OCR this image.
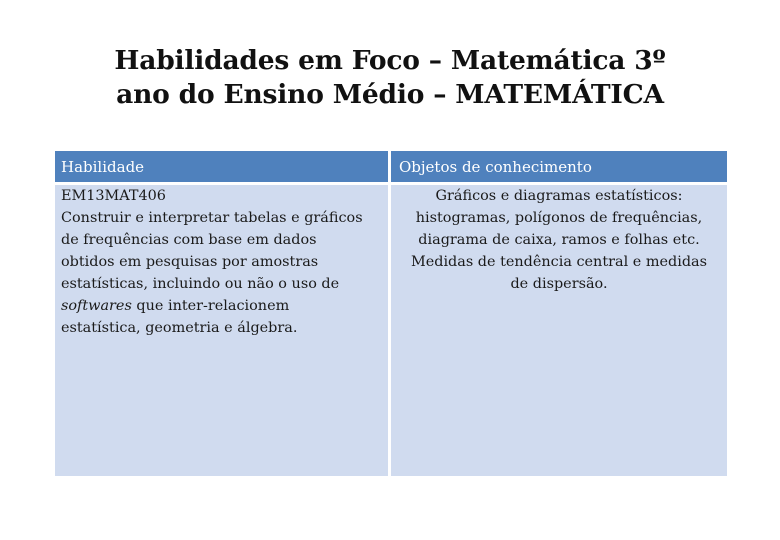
Habilidades em Foco – Matemática 3º
ano do Ensino Médio – MATEMÁTICA
Habilidade	Objetos de conhecimento
EM13MAT406
Construir e interpretar tabelas e gráficos
de frequências com base em dados
obtidos em pesquisas por amostras
estatísticas, incluindo ou não o uso de
softwares que inter-relacionem
estatística, geometria e álgebra.
Gráficos e diagramas estatísticos:
histogramas, polígonos de frequências,
diagrama de caixa, ramos e folhas etc.
Medidas de tendência central e medidas
de dispersão.
